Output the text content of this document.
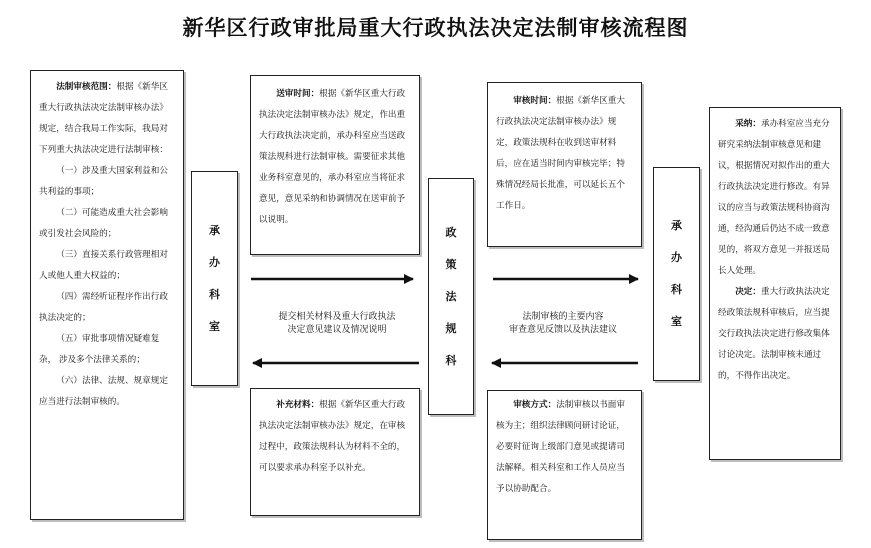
新华区行政审批局重大行政执法决定法制审核流程图

法制审核范围：根据《新华区重大行政执法决定法制审核办法》规定，结合我局工作实际，我局对下列重大执法决定进行法制审核：

（一）涉及重大国家利益和公共利益的事项；

（二）可能造成重大社会影响或引发社会风险的；

（三）直接关系行政管理相对人或他人重大权益的；

（四）需经听证程序作出行政执法决定的；

（五）审批事项情况疑难复杂， 涉及多个法律关系的；

（六）法律、法规、规章规定应当进行法制审核的。

承
办
科
室

送审时间：根据《新华区重大行政执法决定法制审核办法》规定，作出重大行政执法决定前，承办科室应当送政策法规科进行法制审核。需要征求其他业务科室意见的，承办科室应当将征求意见，意见采纳和协调情况在送审前予以说明。

补充材料：根据《新华区重大行政执法决定法制审核办法》规定，在审核过程中，政策法规科认为材料不全的，可以要求承办科室予以补充。

政
策
法
规
科

审核时间：根据《新华区重大行政执法决定法制审核办法》规定，政策法规科在收到送审材料后，应在适当时间内审核完毕；特殊情况经局长批准，可以延长五个工作日。

审核方式：法制审核以书面审核为主；组织法律顾问研讨论证，必要时征询上级部门意见或提请司法解释。相关科室和工作人员应当予以协助配合。

承
办
科
室

采纳：承办科室应当充分研究采纳法制审核意见和建议，根据情况对拟作出的重大行政执法决定进行修改。有异议的应当与政策法规科协商沟通，经沟通后仍达不成一致意见的，将双方意见一并报送局长人处理。

决定：重大行政执法决定经政策法规科审核后，应当提交行政执法决定进行修改集体讨论决定。法制审核未通过的，不得作出决定。

提交相关材料及重大行政执法
决定意见建议及情况说明
法制审核的主要内容
审查意见反馈以及执法建议
